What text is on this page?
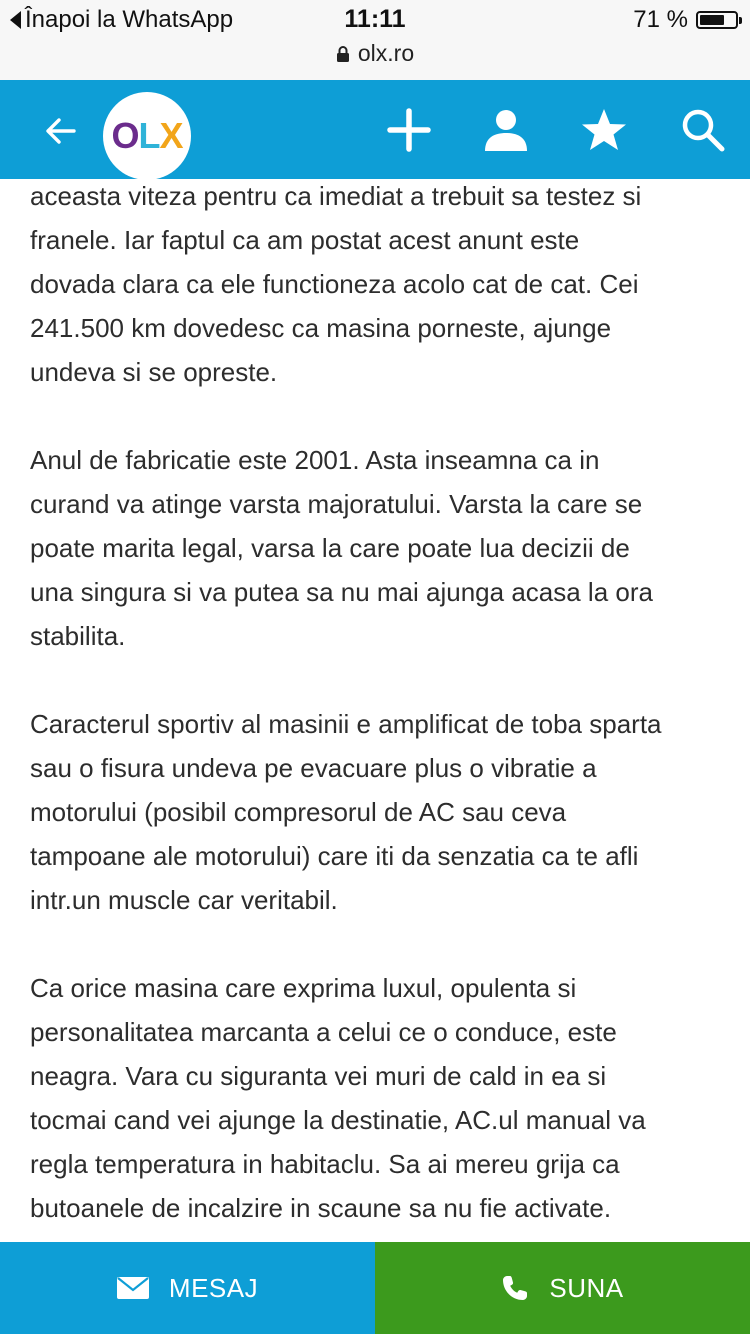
Înapoi la WhatsApp	11:11	71 %
olx.ro
O L X

aceasta viteza pentru ca imediat a trebuit sa testez si
franele. Iar faptul ca am postat acest anunt este
dovada clara ca ele functioneza acolo cat de cat. Cei
241.500 km dovedesc ca masina porneste, ajunge
undeva si se opreste.

Anul de fabricatie este 2001. Asta inseamna ca in
curand va atinge varsta majoratului. Varsta la care se
poate marita legal, varsa la care poate lua decizii de
una singura si va putea sa nu mai ajunga acasa la ora
stabilita.

Caracterul sportiv al masinii e amplificat de toba sparta
sau o fisura undeva pe evacuare plus o vibratie a
motorului (posibil compresorul de AC sau ceva
tampoane ale motorului) care iti da senzatia ca te afli
intr.un muscle car veritabil.

Ca orice masina care exprima luxul, opulenta si
personalitatea marcanta a celui ce o conduce, este
neagra. Vara cu siguranta vei muri de cald in ea si
tocmai cand vei ajunge la destinatie, AC.ul manual va
regla temperatura in habitaclu. Sa ai mereu grija ca
butoanele de incalzire in scaune sa nu fie activate.

MESAJ	SUNA
